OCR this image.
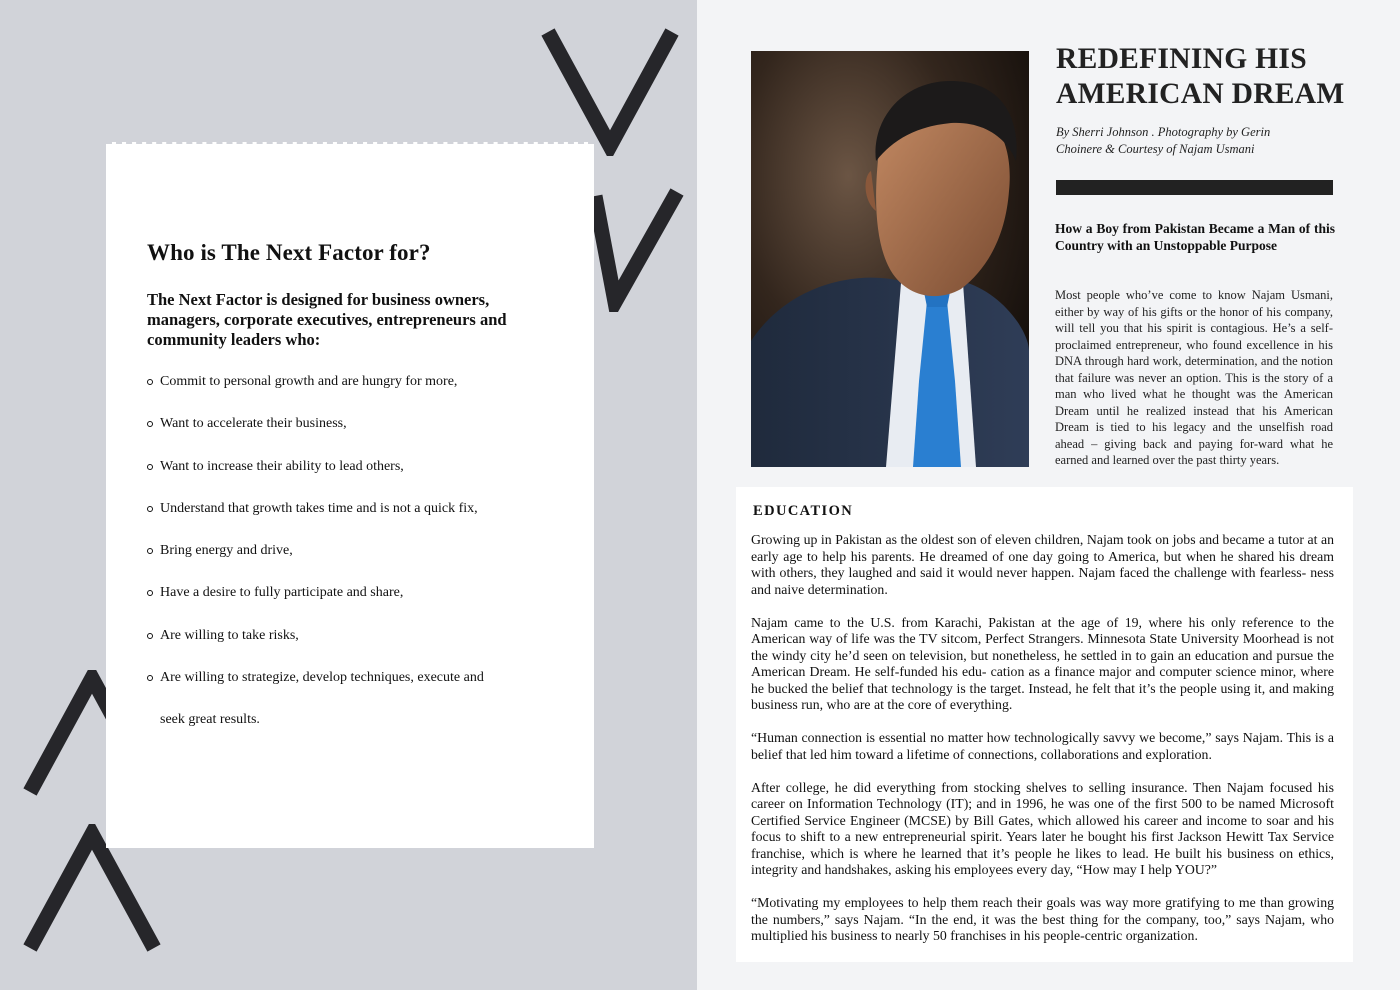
Who is The Next Factor for?

The Next Factor is designed for business owners, managers, corporate executives, entrepreneurs and community leaders who:

Commit to personal growth and are hungry for more,
Want to accelerate their business,
Want to increase their ability to lead others,
Understand that growth takes time and is not a quick fix,
Bring energy and drive,
Have a desire to fully participate and share,
Are willing to take risks,
Are willing to strategize, develop techniques, execute and
seek great results.
REDEFINING HIS
AMERICAN DREAM

By Sherri Johnson . Photography by Gerin Choinere & Courtesy of Najam Usmani

How a Boy from Pakistan Became a Man of this Country with an Unstoppable Purpose

Most people who’ve come to know Najam Usmani, either by way of his gifts or the honor of his company, will tell you that his spirit is contagious. He’s a self-proclaimed entrepreneur, who found excellence in his DNA through hard work, determination, and the notion that failure was never an option. This is the story of a man who lived what he thought was the American Dream until he realized instead that his American Dream is tied to his legacy and the unselfish road ahead – giving back and paying for-ward what he earned and learned over the past thirty years.

EDUCATION

Growing up in Pakistan as the oldest son of eleven children, Najam took on jobs and became a tutor at an early age to help his parents. He dreamed of one day going to America, but when he shared his dream with others, they laughed and said it would never happen. Najam faced the challenge with fearless- ness and naive determination.

Najam came to the U.S. from Karachi, Pakistan at the age of 19, where his only reference to the American way of life was the TV sitcom, Perfect Strangers. Minnesota State University Moorhead is not the windy city he’d seen on television, but nonetheless, he settled in to gain an education and pursue the American Dream. He self-funded his edu- cation as a finance major and computer science minor, where he bucked the belief that technology is the target. Instead, he felt that it’s the people using it, and making business run, who are at the core of everything.

“Human connection is essential no matter how technologically savvy we become,” says Najam. This is a belief that led him toward a lifetime of connections, collaborations and exploration.

After college, he did everything from stocking shelves to selling insurance. Then Najam focused his career on Information Technology (IT); and in 1996, he was one of the first 500 to be named Microsoft Certified Service Engineer (MCSE) by Bill Gates, which allowed his career and income to soar and his focus to shift to a new entrepreneurial spirit. Years later he bought his first Jackson Hewitt Tax Service franchise, which is where he learned that it’s people he likes to lead. He built his business on ethics, integrity and handshakes, asking his employees every day, “How may I help YOU?”

“Motivating my employees to help them reach their goals was way more gratifying to me than growing the numbers,” says Najam. “In the end, it was the best thing for the company, too,” says Najam, who multiplied his business to nearly 50 franchises in his people-centric organization.
